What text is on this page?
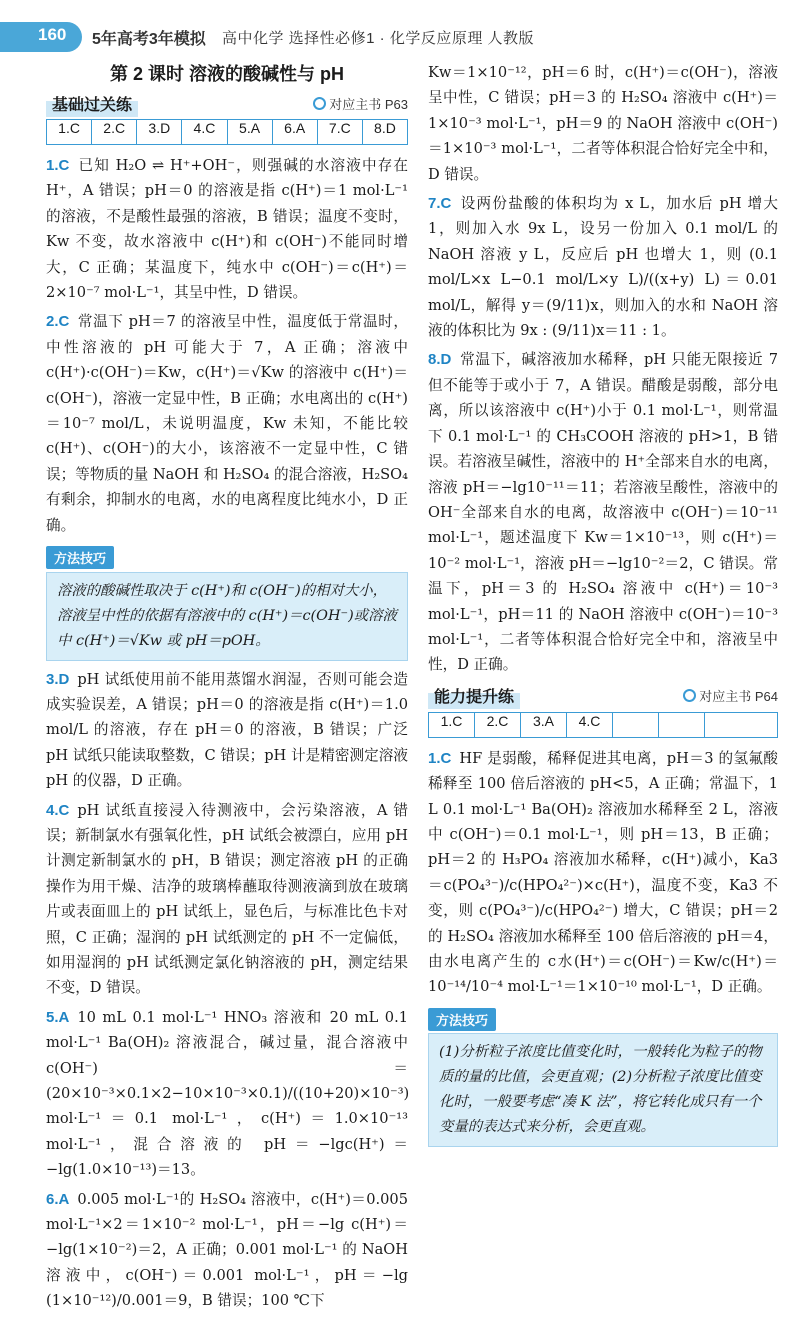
160 5年高考3年模拟 高中化学 选择性必修1 · 化学反应原理 人教版
第 2 课时 溶液的酸碱性与 pH
基础过关练	对应主书 P63
1.C	2.C	3.D	4.C	5.A	6.A	7.C	8.D
1.C 已知 H₂O ⇌ H⁺+OH⁻，则强碱的水溶液中存在 H⁺，A 错误；pH＝0 的溶液是指 c(H⁺)＝1 mol·L⁻¹ 的溶液，不是酸性最强的溶液，B 错误；温度不变时，Kw 不变，故水溶液中 c(H⁺)和 c(OH⁻)不能同时增大，C 正确；某温度下，纯水中 c(OH⁻)＝c(H⁺)＝2×10⁻⁷ mol·L⁻¹，其呈中性，D 错误。
2.C 常温下 pH＝7 的溶液呈中性，温度低于常温时，中性溶液的 pH 可能大于 7，A 正确；溶液中 c(H⁺)·c(OH⁻)＝Kw，c(H⁺)＝√Kw 的溶液中 c(H⁺)＝c(OH⁻)，溶液一定显中性，B 正确；水电离出的 c(H⁺)＝10⁻⁷ mol/L，未说明温度，Kw 未知，不能比较 c(H⁺)、c(OH⁻)的大小，该溶液不一定显中性，C 错误；等物质的量 NaOH 和 H₂SO₄ 的混合溶液，H₂SO₄ 有剩余，抑制水的电离，水的电离程度比纯水小，D 正确。
方法技巧
溶液的酸碱性取决于 c(H⁺)和 c(OH⁻)的相对大小，溶液呈中性的依据有溶液中的 c(H⁺)＝c(OH⁻)或溶液中 c(H⁺)＝√Kw 或 pH＝pOH。
3.D pH 试纸使用前不能用蒸馏水润湿，否则可能会造成实验误差，A 错误；pH＝0 的溶液是指 c(H⁺)＝1.0 mol/L 的溶液，存在 pH＝0 的溶液，B 错误；广泛 pH 试纸只能读取整数，C 错误；pH 计是精密测定溶液 pH 的仪器，D 正确。
4.C pH 试纸直接浸入待测液中，会污染溶液，A 错误；新制氯水有强氧化性，pH 试纸会被漂白，应用 pH 计测定新制氯水的 pH，B 错误；测定溶液 pH 的正确操作为用干燥、洁净的玻璃棒蘸取待测液滴到放在玻璃片或表面皿上的 pH 试纸上，显色后，与标准比色卡对照，C 正确；湿润的 pH 试纸测定的 pH 不一定偏低，如用湿润的 pH 试纸测定氯化钠溶液的 pH，测定结果不变，D 错误。
5.A 10 mL 0.1 mol·L⁻¹ HNO₃ 溶液和 20 mL 0.1 mol·L⁻¹ Ba(OH)₂ 溶液混合，碱过量，混合溶液中 c(OH⁻)＝(20×10⁻³×0.1×2−10×10⁻³×0.1)/((10+20)×10⁻³) mol·L⁻¹＝0.1 mol·L⁻¹，c(H⁺)＝1.0×10⁻¹³ mol·L⁻¹，混合溶液的 pH＝−lgc(H⁺)＝−lg(1.0×10⁻¹³)＝13。
6.A 0.005 mol·L⁻¹的 H₂SO₄ 溶液中，c(H⁺)＝0.005 mol·L⁻¹×2＝1×10⁻² mol·L⁻¹，pH＝−lg c(H⁺)＝−lg(1×10⁻²)＝2，A 正确；0.001 mol·L⁻¹ 的 NaOH 溶液中，c(OH⁻)＝0.001 mol·L⁻¹，pH＝−lg (1×10⁻¹²)/0.001＝9，B 错误；100 ℃下
Kw＝1×10⁻¹²，pH＝6 时，c(H⁺)＝c(OH⁻)，溶液呈中性，C 错误；pH＝3 的 H₂SO₄ 溶液中 c(H⁺)＝1×10⁻³ mol·L⁻¹，pH＝9 的 NaOH 溶液中 c(OH⁻)＝1×10⁻³ mol·L⁻¹，二者等体积混合恰好完全中和，D 错误。
7.C 设两份盐酸的体积均为 x L，加水后 pH 增大 1，则加入水 9x L，设另一份加入 0.1 mol/L 的 NaOH 溶液 y L，反应后 pH 也增大 1，则 (0.1 mol/L×x L−0.1 mol/L×y L)/((x+y) L)＝0.01 mol/L，解得 y＝(9/11)x，则加入的水和 NaOH 溶液的体积比为 9x : (9/11)x＝11 : 1。
8.D 常温下，碱溶液加水稀释，pH 只能无限接近 7 但不能等于或小于 7，A 错误。醋酸是弱酸，部分电离，所以该溶液中 c(H⁺)小于 0.1 mol·L⁻¹，则常温下 0.1 mol·L⁻¹ 的 CH₃COOH 溶液的 pH>1，B 错误。若溶液呈碱性，溶液中的 H⁺全部来自水的电离，溶液 pH＝−lg10⁻¹¹＝11；若溶液呈酸性，溶液中的 OH⁻全部来自水的电离，故溶液中 c(OH⁻)＝10⁻¹¹ mol·L⁻¹，题述温度下 Kw＝1×10⁻¹³，则 c(H⁺)＝10⁻² mol·L⁻¹，溶液 pH＝−lg10⁻²＝2，C 错误。常温下，pH＝3 的 H₂SO₄ 溶液中 c(H⁺)＝10⁻³ mol·L⁻¹，pH＝11 的 NaOH 溶液中 c(OH⁻)＝10⁻³ mol·L⁻¹，二者等体积混合恰好完全中和，溶液呈中性，D 正确。
能力提升练	对应主书 P64
1.C	2.C	3.A	4.C
1.C HF 是弱酸，稀释促进其电离，pH＝3 的氢氟酸稀释至 100 倍后溶液的 pH<5，A 正确；常温下，1 L 0.1 mol·L⁻¹ Ba(OH)₂ 溶液加水稀释至 2 L，溶液中 c(OH⁻)＝0.1 mol·L⁻¹，则 pH＝13，B 正确；pH＝2 的 H₃PO₄ 溶液加水稀释，c(H⁺)减小，Ka3＝c(PO₄³⁻)/c(HPO₄²⁻)×c(H⁺)，温度不变，Ka3 不变，则 c(PO₄³⁻)/c(HPO₄²⁻) 增大，C 错误；pH＝2 的 H₂SO₄ 溶液加水稀释至 100 倍后溶液的 pH＝4，由水电离产生的 c水(H⁺)＝c(OH⁻)＝Kw/c(H⁺)＝10⁻¹⁴/10⁻⁴ mol·L⁻¹＝1×10⁻¹⁰ mol·L⁻¹，D 正确。
方法技巧
(1)分析粒子浓度比值变化时，一般转化为粒子的物质的量的比值，会更直观；(2)分析粒子浓度比值变化时，一般要考虑“凑 K 法”，将它转化成只有一个变量的表达式来分析，会更直观。
